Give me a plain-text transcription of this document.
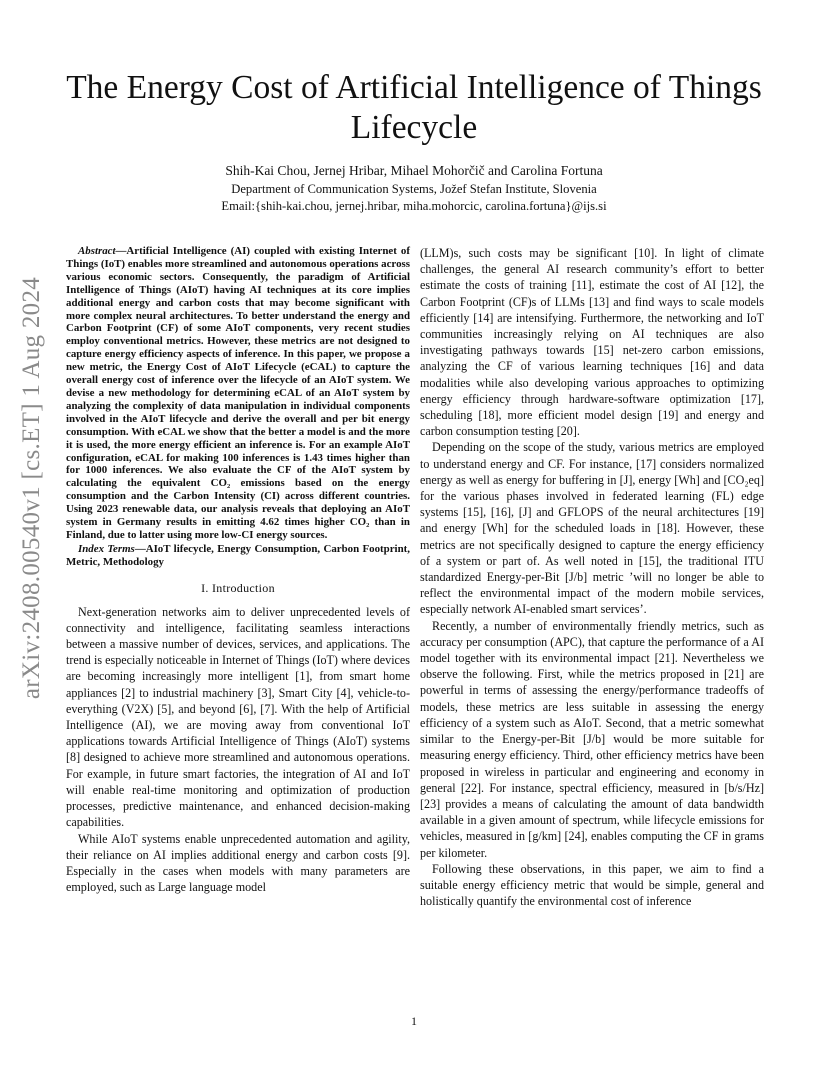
arXiv:2408.00540v1 [cs.ET] 1 Aug 2024
The Energy Cost of Artificial Intelligence of Things Lifecycle
Shih-Kai Chou, Jernej Hribar, Mihael Mohorčič and Carolina Fortuna
Department of Communication Systems, Jožef Stefan Institute, Slovenia
Email:{shih-kai.chou, jernej.hribar, miha.mohorcic, carolina.fortuna}@ijs.si

Abstract—Artificial Intelligence (AI) coupled with existing Internet of Things (IoT) enables more streamlined and autonomous operations across various economic sectors. Consequently, the paradigm of Artificial Intelligence of Things (AIoT) having AI techniques at its core implies additional energy and carbon costs that may become significant with more complex neural architectures. To better understand the energy and Carbon Footprint (CF) of some AIoT components, very recent studies employ conventional metrics. However, these metrics are not designed to capture energy efficiency aspects of inference. In this paper, we propose a new metric, the Energy Cost of AIoT Lifecycle (eCAL) to capture the overall energy cost of inference over the lifecycle of an AIoT system. We devise a new methodology for determining eCAL of an AIoT system by analyzing the complexity of data manipulation in individual components involved in the AIoT lifecycle and derive the overall and per bit energy consumption. With eCAL we show that the better a model is and the more it is used, the more energy efficient an inference is. For an example AIoT configuration, eCAL for making 100 inferences is 1.43 times higher than for 1000 inferences. We also evaluate the CF of the AIoT system by calculating the equivalent CO₂ emissions based on the energy consumption and the Carbon Intensity (CI) across different countries. Using 2023 renewable data, our analysis reveals that deploying an AIoT system in Germany results in emitting 4.62 times higher CO₂ than in Finland, due to latter using more low-CI energy sources.

Index Terms—AIoT lifecycle, Energy Consumption, Carbon Footprint, Metric, Methodology

I. Introduction

Next-generation networks aim to deliver unprecedented levels of connectivity and intelligence, facilitating seamless interactions between a massive number of devices, services, and applications. The trend is especially noticeable in Internet of Things (IoT) where devices are becoming increasingly more intelligent [1], from smart home appliances [2] to industrial machinery [3], Smart City [4], vehicle-to-everything (V2X) [5], and beyond [6], [7]. With the help of Artificial Intelligence (AI), we are moving away from conventional IoT applications towards Artificial Intelligence of Things (AIoT) systems [8] designed to achieve more streamlined and autonomous operations. For example, in future smart factories, the integration of AI and IoT will enable real-time monitoring and optimization of production processes, predictive maintenance, and enhanced decision-making capabilities.

While AIoT systems enable unprecedented automation and agility, their reliance on AI implies additional energy and carbon costs [9]. Especially in the cases when models with many parameters are employed, such as Large language model

(LLM)s, such costs may be significant [10]. In light of climate challenges, the general AI research community’s effort to better estimate the costs of training [11], estimate the cost of AI [12], the Carbon Footprint (CF)s of LLMs [13] and find ways to scale models efficiently [14] are intensifying. Furthermore, the networking and IoT communities increasingly relying on AI techniques are also investigating pathways towards [15] net-zero carbon emissions, analyzing the CF of various learning techniques [16] and data modalities while also developing various approaches to optimizing energy efficiency through hardware-software optimization [17], scheduling [18], more efficient model design [19] and energy and carbon consumption testing [20].

Depending on the scope of the study, various metrics are employed to understand energy and CF. For instance, [17] considers normalized energy as well as energy for buffering in [J], energy [Wh] and [CO₂eq] for the various phases involved in federated learning (FL) edge systems [15], [16], [J] and GFLOPS of the neural architectures [19] and energy [Wh] for the scheduled loads in [18]. However, these metrics are not specifically designed to capture the energy efficiency of a system or part of. As well noted in [15], the traditional ITU standardized Energy-per-Bit [J/b] metric ’will no longer be able to reflect the environmental impact of the modern mobile services, especially network AI-enabled smart services’.

Recently, a number of environmentally friendly metrics, such as accuracy per consumption (APC), that capture the performance of a AI model together with its environmental impact [21]. Nevertheless we observe the following. First, while the metrics proposed in [21] are powerful in terms of assessing the energy/performance tradeoffs of models, these metrics are less suitable in assessing the energy efficiency of a system such as AIoT. Second, that a metric somewhat similar to the Energy-per-Bit [J/b] would be more suitable for measuring energy efficiency. Third, other efficiency metrics have been proposed in wireless in particular and engineering and economy in general [22]. For instance, spectral efficiency, measured in [b/s/Hz] [23] provides a means of calculating the amount of data bandwidth available in a given amount of spectrum, while lifecycle emissions for vehicles, measured in [g/km] [24], enables computing the CF in grams per kilometer.

Following these observations, in this paper, we aim to find a suitable energy efficiency metric that would be simple, general and holistically quantify the environmental cost of inference

1
